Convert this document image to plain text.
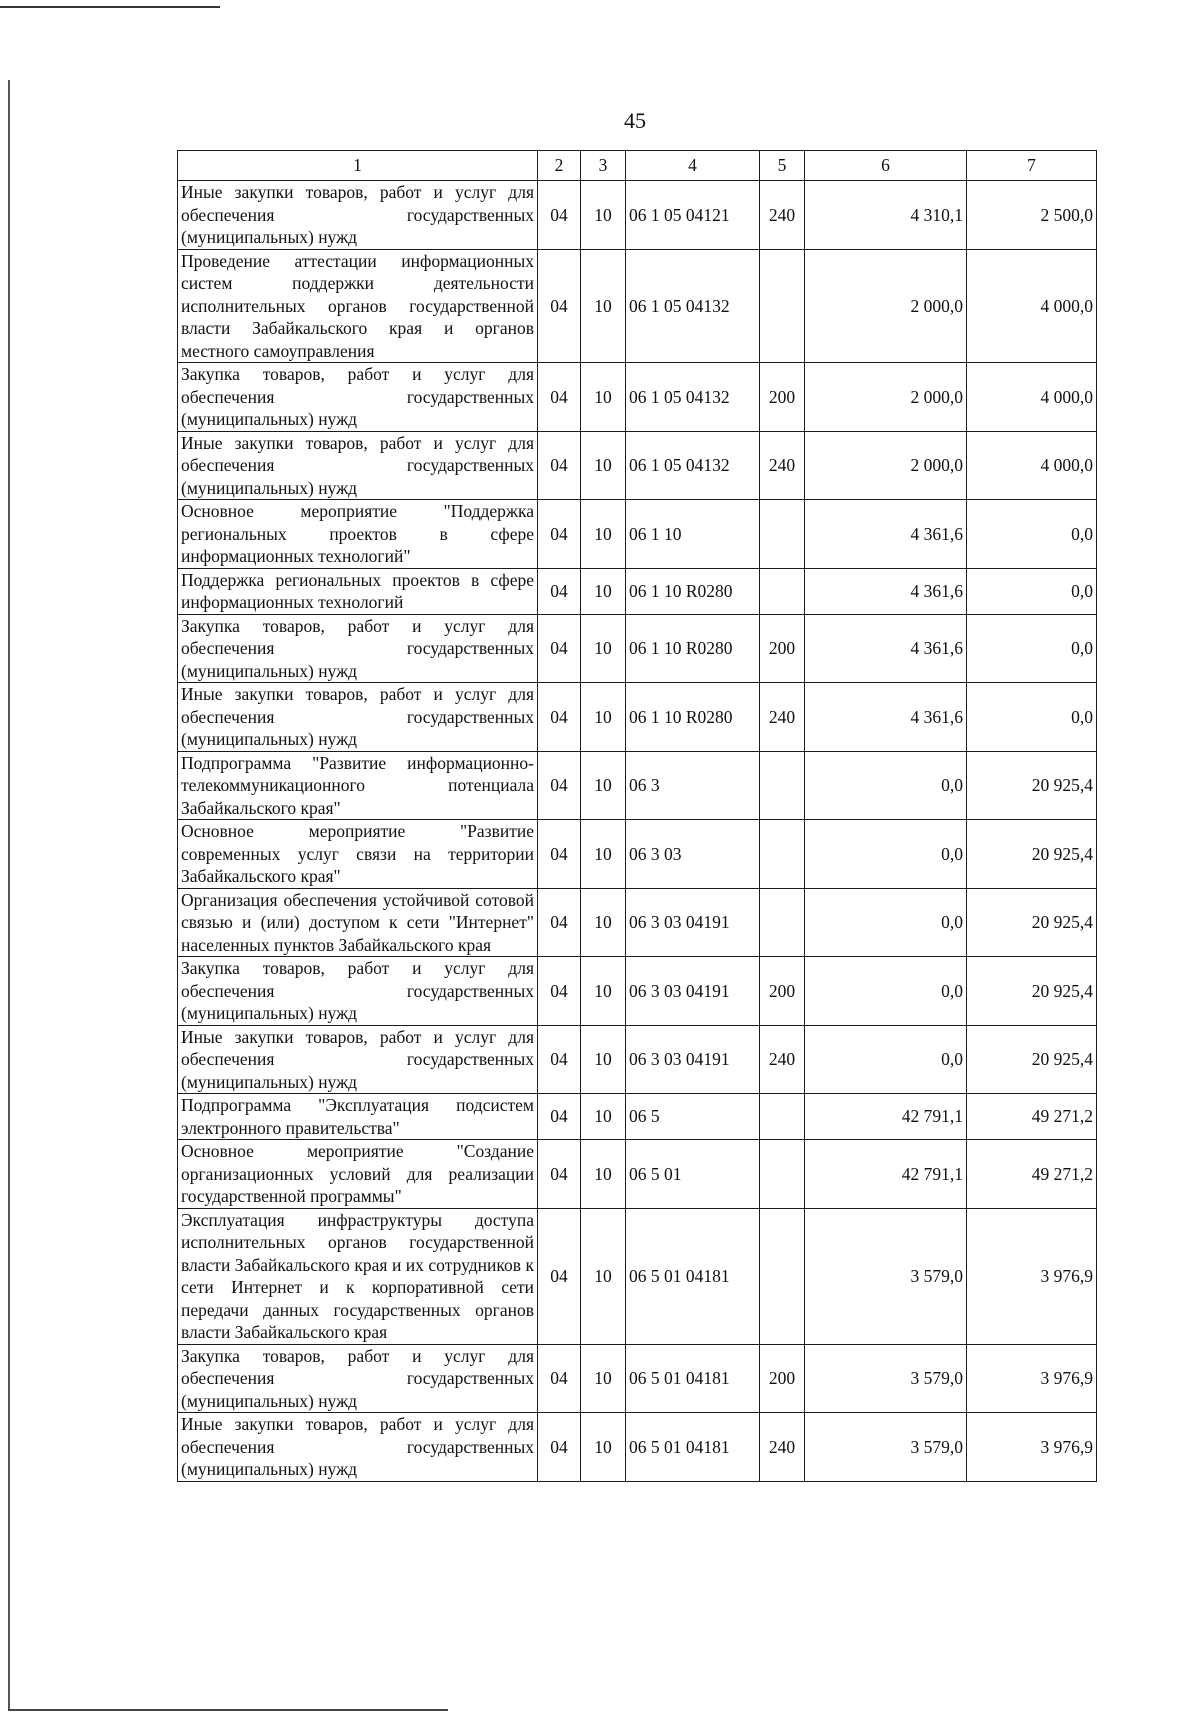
45
1	2	3	4	5	6	7
Иные закупки товаров, работ и услуг для обеспечения государственных (муниципальных) нужд	04	10	06 1 05 04121	240	4 310,1	2 500,0
Проведение аттестации информационных систем поддержки деятельности исполнительных органов государственной власти Забайкальского края и органов местного самоуправления	04	10	06 1 05 04132		2 000,0	4 000,0
Закупка товаров, работ и услуг для обеспечения государственных (муниципальных) нужд	04	10	06 1 05 04132	200	2 000,0	4 000,0
Иные закупки товаров, работ и услуг для обеспечения государственных (муниципальных) нужд	04	10	06 1 05 04132	240	2 000,0	4 000,0
Основное мероприятие "Поддержка региональных проектов в сфере информационных технологий"	04	10	06 1 10		4 361,6	0,0
Поддержка региональных проектов в сфере информационных технологий	04	10	06 1 10 R0280		4 361,6	0,0
Закупка товаров, работ и услуг для обеспечения государственных (муниципальных) нужд	04	10	06 1 10 R0280	200	4 361,6	0,0
Иные закупки товаров, работ и услуг для обеспечения государственных (муниципальных) нужд	04	10	06 1 10 R0280	240	4 361,6	0,0
Подпрограмма "Развитие информационно-телекоммуникационного потенциала Забайкальского края"	04	10	06 3		0,0	20 925,4
Основное мероприятие "Развитие современных услуг связи на территории Забайкальского края"	04	10	06 3 03		0,0	20 925,4
Организация обеспечения устойчивой сотовой связью и (или) доступом к сети "Интернет" населенных пунктов Забайкальского края	04	10	06 3 03 04191		0,0	20 925,4
Закупка товаров, работ и услуг для обеспечения государственных (муниципальных) нужд	04	10	06 3 03 04191	200	0,0	20 925,4
Иные закупки товаров, работ и услуг для обеспечения государственных (муниципальных) нужд	04	10	06 3 03 04191	240	0,0	20 925,4
Подпрограмма "Эксплуатация подсистем электронного правительства"	04	10	06 5		42 791,1	49 271,2
Основное мероприятие "Создание организационных условий для реализации государственной программы"	04	10	06 5 01		42 791,1	49 271,2
Эксплуатация инфраструктуры доступа исполнительных органов государственной власти Забайкальского края и их сотрудников к сети Интернет и к корпоративной сети передачи данных государственных органов власти Забайкальского края	04	10	06 5 01 04181		3 579,0	3 976,9
Закупка товаров, работ и услуг для обеспечения государственных (муниципальных) нужд	04	10	06 5 01 04181	200	3 579,0	3 976,9
Иные закупки товаров, работ и услуг для обеспечения государственных (муниципальных) нужд	04	10	06 5 01 04181	240	3 579,0	3 976,9
